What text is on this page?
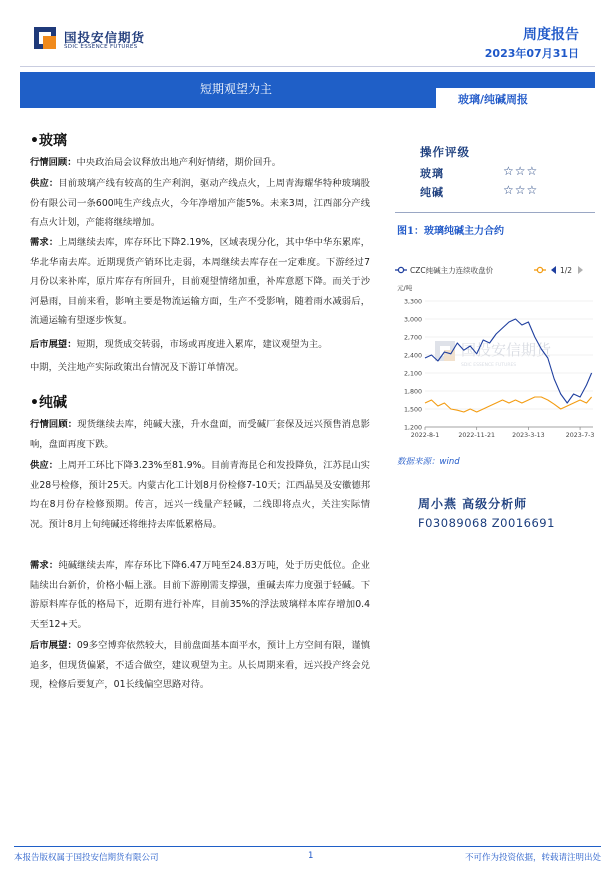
国投安信期货
SDIC ESSENCE FUTURES
周度报告
2023年07月31日
短期观望为主
玻璃/纯碱周报
•玻璃
行情回顾：中央政治局会议释放出地产利好情绪，期价回升。
供应：目前玻璃产线有较高的生产利润，驱动产线点火，上周青海耀华特种玻璃股份有限公司一条600吨生产线点火，今年净增加产能5%。未来3周，江西部分产线有点火计划，产能将继续增加。
需求：上周继续去库，库存环比下降2.19%，区域表现分化，其中华中华东累库，华北华南去库。近期现货产销环比走弱，本周继续去库存在一定难度。下游经过7月份以来补库，原片库存有所回升，目前观望情绪加重，补库意愿下降。而关于沙河悬雨，目前来看，影响主要是物流运输方面，生产不受影响，随着雨水减弱后，流通运输有望逐步恢复。
后市展望：短期，现货成交转弱，市场或再度进入累库，建议观望为主。
中期，关注地产实际政策出台情况及下游订单情况。
•纯碱
行情回顾：现货继续去库，纯碱大涨，升水盘面，而受碱厂套保及远兴预售消息影响，盘面再度下跌。
供应：上周开工环比下降3.23%至81.9%。目前青海昆仑和发投降负，江苏昆山实业28号检修，预计25天。内蒙古化工计划8月份检修7-10天；江西晶昊及安徽德邦均在8月份存检修预期。传言，远兴一线量产轻碱，二线即将点火，关注实际情况。预计8月上旬纯碱还将维持去库低累格局。
需求：纯碱继续去库，库存环比下降6.47万吨至24.83万吨，处于历史低位。企业陆续出台新价，价格小幅上涨。目前下游刚需支撑强，重碱去库力度强于轻碱。下游原料库存低的格局下，近期有进行补库，目前35%的浮法玻璃样本库存增加0.4天至12+天。
后市展望：09多空博弈依然较大，目前盘面基本面平水，预计上方空间有限，谨慎追多，但现货偏紧，不适合做空，建议观望为主。从长周期来看，远兴投产终会兑现，检修后要复产，01长线偏空思路对待。
操作评级
玻璃	☆☆☆
纯碱	☆☆☆
图1：玻璃纯碱主力合约
CZC纯碱主力连续收盘价	1/2
元/吨
国投安信期货
SDIC ESSENCE FUTURES
3,300
3,000
2,700
2,400
2,100
1,800
1,500
1,200
2022-8-1	2022-11-21	2023-3-13	2023-7-3
数据来源：wind
周小燕 高级分析师
F03089068 Z0016691
本报告版权属于国投安信期货有限公司	1	不可作为投资依据，转载请注明出处
